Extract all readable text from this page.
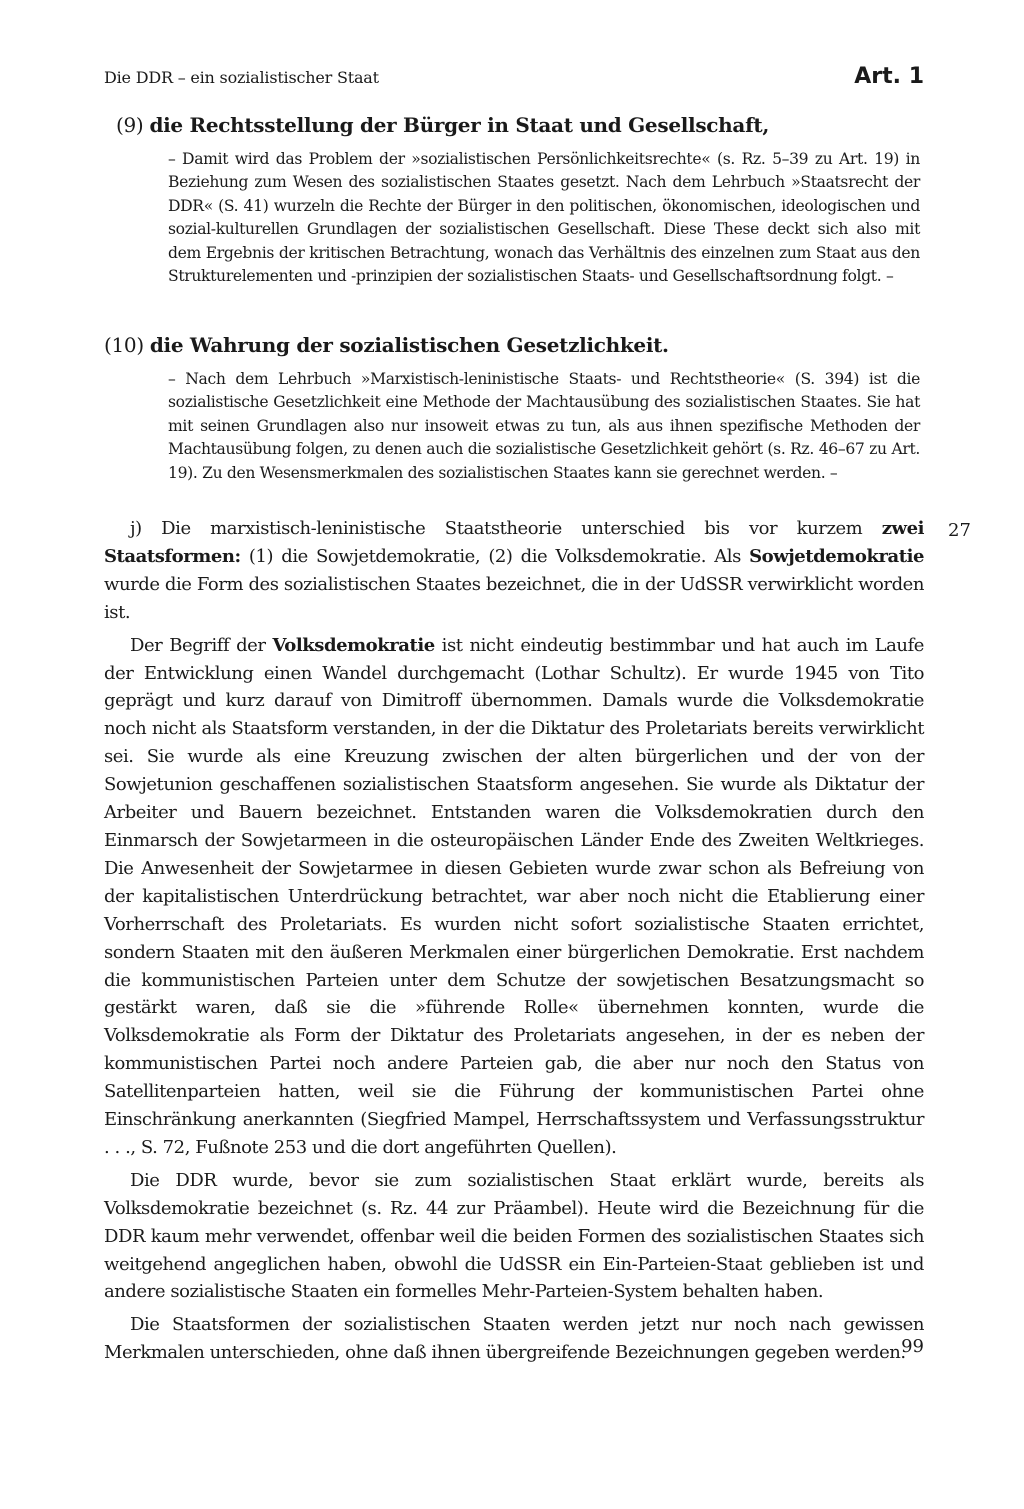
Die DDR – ein sozialistischer Staat	Art. 1

(9) die Rechtsstellung der Bürger in Staat und Gesellschaft,

– Damit wird das Problem der »sozialistischen Persönlichkeitsrechte« (s. Rz. 5–39 zu Art. 19) in Beziehung zum Wesen des sozialistischen Staates gesetzt. Nach dem Lehrbuch »Staatsrecht der DDR« (S. 41) wurzeln die Rechte der Bürger in den politischen, ökonomischen, ideologischen und sozial-kulturellen Grundlagen der sozialistischen Gesellschaft. Diese These deckt sich also mit dem Ergebnis der kritischen Betrachtung, wonach das Verhältnis des einzelnen zum Staat aus den Strukturelementen und -prinzipien der sozialistischen Staats- und Gesellschaftsordnung folgt. –

(10) die Wahrung der sozialistischen Gesetzlichkeit.

– Nach dem Lehrbuch »Marxistisch-leninistische Staats- und Rechtstheorie« (S. 394) ist die sozialistische Gesetzlichkeit eine Methode der Machtausübung des sozialistischen Staates. Sie hat mit seinen Grundlagen also nur insoweit etwas zu tun, als aus ihnen spezifische Methoden der Machtausübung folgen, zu denen auch die sozialistische Gesetzlichkeit gehört (s. Rz. 46–67 zu Art. 19). Zu den Wesensmerkmalen des sozialistischen Staates kann sie gerechnet werden. –

27

j) Die marxistisch-leninistische Staatstheorie unterschied bis vor kurzem zwei Staatsformen: (1) die Sowjetdemokratie, (2) die Volksdemokratie. Als Sowjetdemokratie wurde die Form des sozialistischen Staates bezeichnet, die in der UdSSR verwirklicht worden ist.

Der Begriff der Volksdemokratie ist nicht eindeutig bestimmbar und hat auch im Laufe der Entwicklung einen Wandel durchgemacht (Lothar Schultz). Er wurde 1945 von Tito geprägt und kurz darauf von Dimitroff übernommen. Damals wurde die Volksdemokratie noch nicht als Staatsform verstanden, in der die Diktatur des Proletariats bereits verwirklicht sei. Sie wurde als eine Kreuzung zwischen der alten bürgerlichen und der von der Sowjetunion geschaffenen sozialistischen Staatsform angesehen. Sie wurde als Diktatur der Arbeiter und Bauern bezeichnet. Entstanden waren die Volksdemokratien durch den Einmarsch der Sowjetarmeen in die osteuropäischen Länder Ende des Zweiten Weltkrieges. Die Anwesenheit der Sowjetarmee in diesen Gebieten wurde zwar schon als Befreiung von der kapitalistischen Unterdrückung betrachtet, war aber noch nicht die Etablierung einer Vorherrschaft des Proletariats. Es wurden nicht sofort sozialistische Staaten errichtet, sondern Staaten mit den äußeren Merkmalen einer bürgerlichen Demokratie. Erst nachdem die kommunistischen Parteien unter dem Schutze der sowjetischen Besatzungsmacht so gestärkt waren, daß sie die »führende Rolle« übernehmen konnten, wurde die Volksdemokratie als Form der Diktatur des Proletariats angesehen, in der es neben der kommunistischen Partei noch andere Parteien gab, die aber nur noch den Status von Satellitenparteien hatten, weil sie die Führung der kommunistischen Partei ohne Einschränkung anerkannten (Siegfried Mampel, Herrschaftssystem und Verfassungsstruktur . . ., S. 72, Fußnote 253 und die dort angeführten Quellen).

Die DDR wurde, bevor sie zum sozialistischen Staat erklärt wurde, bereits als Volksdemokratie bezeichnet (s. Rz. 44 zur Präambel). Heute wird die Bezeichnung für die DDR kaum mehr verwendet, offenbar weil die beiden Formen des sozialistischen Staates sich weitgehend angeglichen haben, obwohl die UdSSR ein Ein-Parteien-Staat geblieben ist und andere sozialistische Staaten ein formelles Mehr-Parteien-System behalten haben.

Die Staatsformen der sozialistischen Staaten werden jetzt nur noch nach gewissen Merkmalen unterschieden, ohne daß ihnen übergreifende Bezeichnungen gegeben werden.

99
